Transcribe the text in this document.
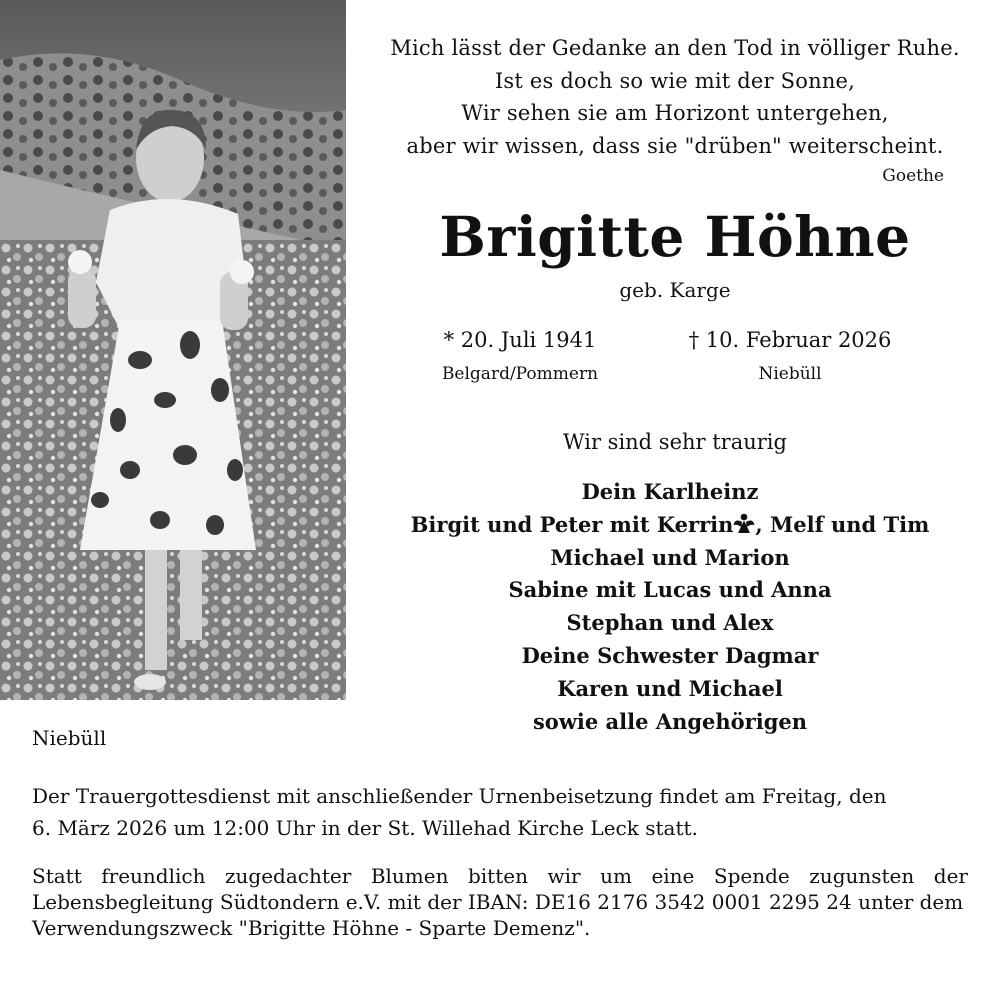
Mich lässt der Gedanke an den Tod in völliger Ruhe.
Ist es doch so wie mit der Sonne,
Wir sehen sie am Horizont untergehen,
aber wir wissen, dass sie "drüben" weiterscheint.
Goethe
Brigitte Höhne
geb. Karge
* 20. Juli 1941	† 10. Februar 2026
Belgard/Pommern	Niebüll
Wir sind sehr traurig
Dein Karlheinz
Birgit und Peter mit Kerrin , Melf und Tim
Michael und Marion
Sabine mit Lucas und Anna
Stephan und Alex
Deine Schwester Dagmar
Karen und Michael
sowie alle Angehörigen
Niebüll
Der Trauergottesdienst mit anschließender Urnenbeisetzung findet am Freitag, den
6. März 2026 um 12:00 Uhr in der St. Willehad Kirche Leck statt.
Statt freundlich zugedachter Blumen bitten wir um eine Spende zugunsten der Lebensbegleitung Südtondern e.V. mit der IBAN: DE16 2176 3542 0001 2295 24 unter dem
Verwendungszweck "Brigitte Höhne - Sparte Demenz".
